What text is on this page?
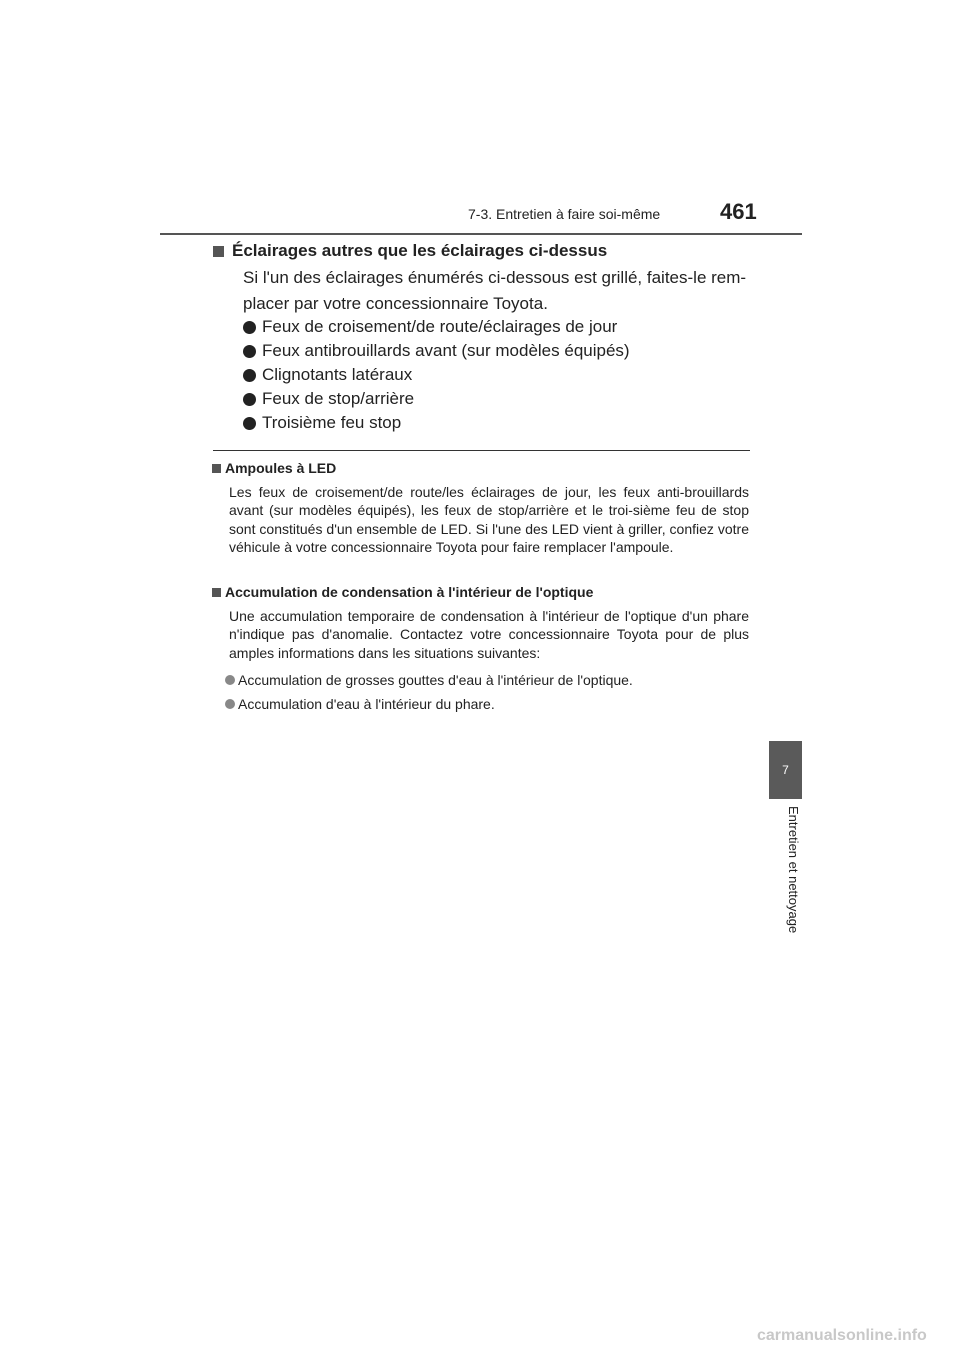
7-3. Entretien à faire soi-même	461
7
Entretien et nettoyage
Éclairages autres que les éclairages ci-dessus
Si l'un des éclairages énumérés ci-dessous est grillé, faites-le rem-placer par votre concessionnaire Toyota.
Feux de croisement/de route/éclairages de jour
Feux antibrouillards avant (sur modèles équipés)
Clignotants latéraux
Feux de stop/arrière
Troisième feu stop
Ampoules à LED
Les feux de croisement/de route/les éclairages de jour, les feux anti-brouillards avant (sur modèles équipés), les feux de stop/arrière et le troi-sième feu de stop sont constitués d'un ensemble de LED. Si l'une des LED vient à griller, confiez votre véhicule à votre concessionnaire Toyota pour faire remplacer l'ampoule.
Accumulation de condensation à l'intérieur de l'optique
Une accumulation temporaire de condensation à l'intérieur de l'optique d'un phare n'indique pas d'anomalie. Contactez votre concessionnaire Toyota pour de plus amples informations dans les situations suivantes:
Accumulation de grosses gouttes d'eau à l'intérieur de l'optique.
Accumulation d'eau à l'intérieur du phare.
carmanualsonline.info
